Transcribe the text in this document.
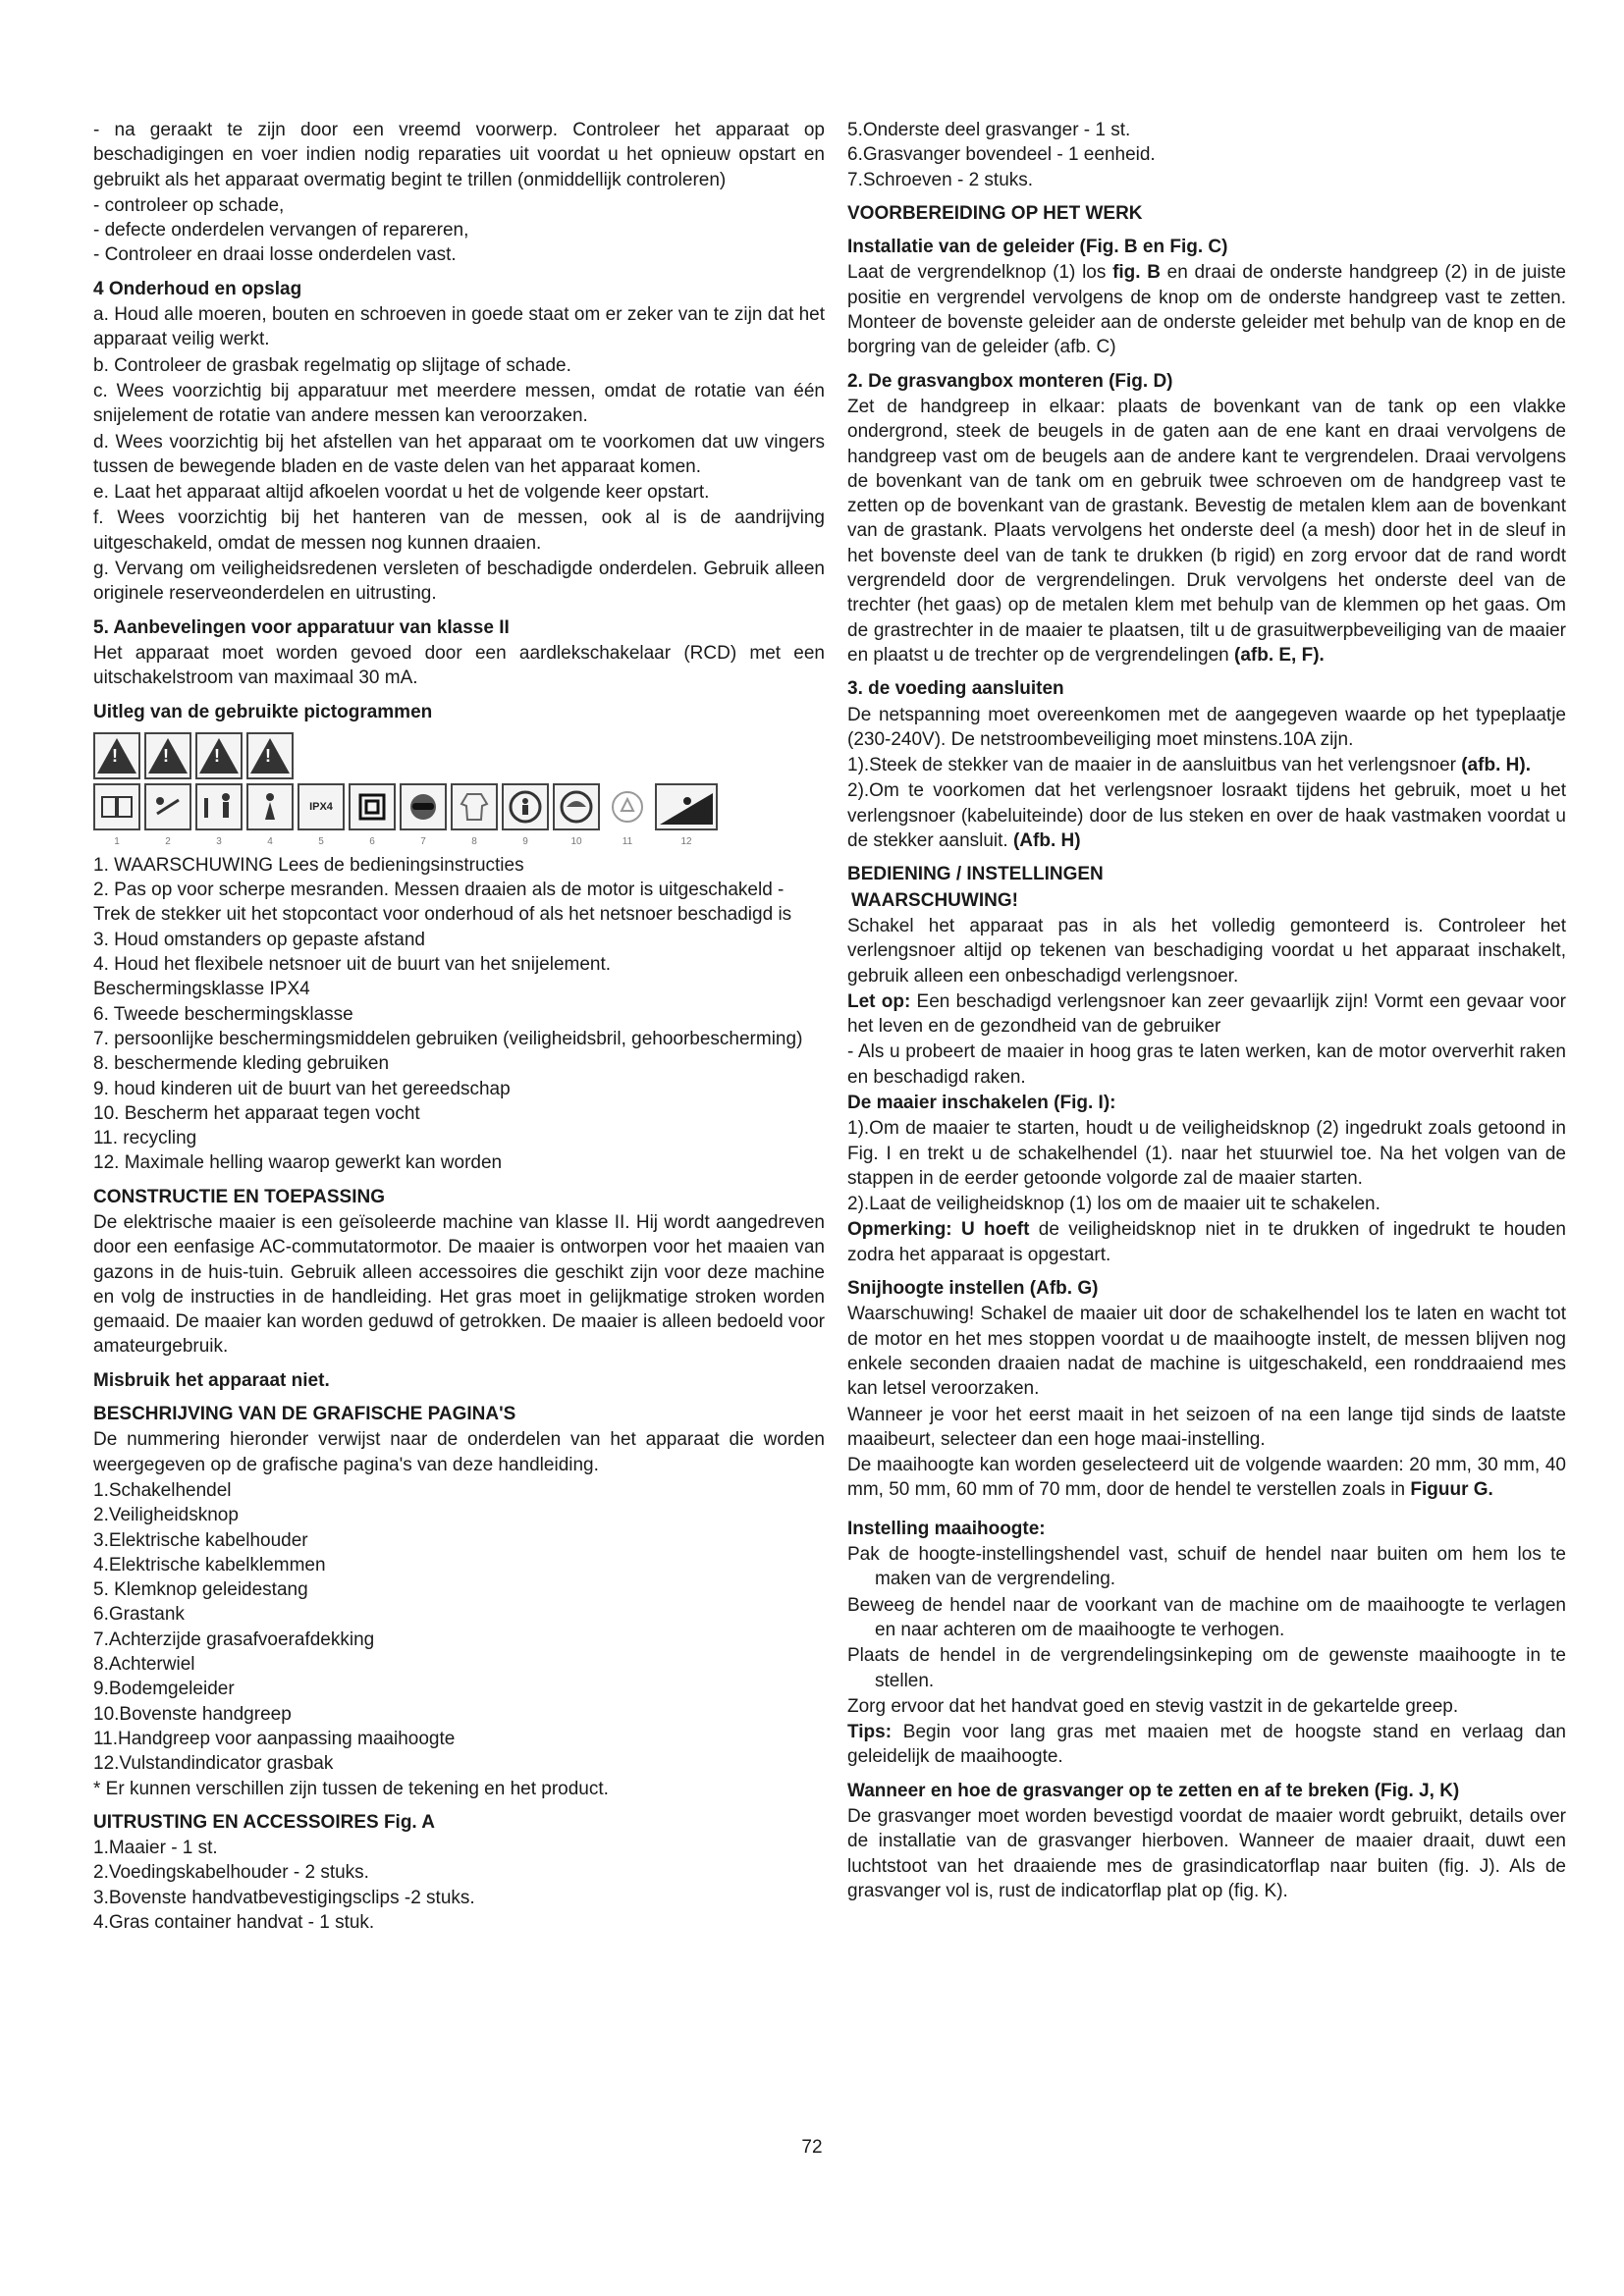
- na geraakt te zijn door een vreemd voorwerp. Controleer het apparaat op beschadigingen en voer indien nodig reparaties uit voordat u het opnieuw opstart en gebruikt als het apparaat overmatig begint te trillen (onmiddellijk controleren)

- controleer op schade,

- defecte onderdelen vervangen of repareren,

- Controleer en draai losse onderdelen vast.

4 Onderhoud en opslag

a. Houd alle moeren, bouten en schroeven in goede staat om er zeker van te zijn dat het apparaat veilig werkt.

b. Controleer de grasbak regelmatig op slijtage of schade.

c. Wees voorzichtig bij apparatuur met meerdere messen, omdat de rotatie van één snijelement de rotatie van andere messen kan veroorzaken.

d. Wees voorzichtig bij het afstellen van het apparaat om te voorkomen dat uw vingers tussen de bewegende bladen en de vaste delen van het apparaat komen.

e. Laat het apparaat altijd afkoelen voordat u het de volgende keer opstart.

f. Wees voorzichtig bij het hanteren van de messen, ook al is de aandrijving uitgeschakeld, omdat de messen nog kunnen draaien.

g. Vervang om veiligheidsredenen versleten of beschadigde onderdelen. Gebruik alleen originele reserveonderdelen en uitrusting.

5. Aanbevelingen voor apparatuur van klasse II

Het apparaat moet worden gevoed door een aardlekschakelaar (RCD) met een uitschakelstroom van maximaal 30 mA.

Uitleg van de gebruikte pictogrammen
!	!	!	!
IPX4
1	2	3	4	5	6	7	8	9	10	11	12

1. WAARSCHUWING Lees de bedieningsinstructies

2. Pas op voor scherpe mesranden. Messen draaien als de motor is uitgeschakeld - Trek de stekker uit het stopcontact voor onderhoud of als het netsnoer beschadigd is

3. Houd omstanders op gepaste afstand

4. Houd het flexibele netsnoer uit de buurt van het snijelement.

Beschermingsklasse IPX4

6. Tweede beschermingsklasse

7. persoonlijke beschermingsmiddelen gebruiken (veiligheidsbril, gehoorbescherming)

8. beschermende kleding gebruiken

9. houd kinderen uit de buurt van het gereedschap

10. Bescherm het apparaat tegen vocht

11. recycling

12. Maximale helling waarop gewerkt kan worden

CONSTRUCTIE EN TOEPASSING

De elektrische maaier is een geïsoleerde machine van klasse II. Hij wordt aangedreven door een eenfasige AC-commutatormotor. De maaier is ontworpen voor het maaien van gazons in de huis-tuin. Gebruik alleen accessoires die geschikt zijn voor deze machine en volg de instructies in de handleiding. Het gras moet in gelijkmatige stroken worden gemaaid. De maaier kan worden geduwd of getrokken. De maaier is alleen bedoeld voor amateurgebruik.

Misbruik het apparaat niet.
BESCHRIJVING VAN DE GRAFISCHE PAGINA'S

De nummering hieronder verwijst naar de onderdelen van het apparaat die worden weergegeven op de grafische pagina's van deze handleiding.

1.Schakelhendel

2.Veiligheidsknop

3.Elektrische kabelhouder

4.Elektrische kabelklemmen

5. Klemknop geleidestang

6.Grastank

7.Achterzijde grasafvoerafdekking

8.Achterwiel

9.Bodemgeleider

10.Bovenste handgreep

11.Handgreep voor aanpassing maaihoogte

12.Vulstandindicator grasbak

* Er kunnen verschillen zijn tussen de tekening en het product.

UITRUSTING EN ACCESSOIRES Fig. A

1.Maaier - 1 st.

2.Voedingskabelhouder - 2 stuks.

3.Bovenste handvatbevestigingsclips -2 stuks.

4.Gras container handvat - 1 stuk.

5.Onderste deel grasvanger - 1 st.

6.Grasvanger bovendeel - 1 eenheid.

7.Schroeven - 2 stuks.

VOORBEREIDING OP HET WERK
Installatie van de geleider (Fig. B en Fig. C)

Laat de vergrendelknop (1) los fig. B en draai de onderste handgreep (2) in de juiste positie en vergrendel vervolgens de knop om de onderste handgreep vast te zetten. Monteer de bovenste geleider aan de onderste geleider met behulp van de knop en de borgring van de geleider (afb. C)

2. De grasvangbox monteren (Fig. D)

Zet de handgreep in elkaar: plaats de bovenkant van de tank op een vlakke ondergrond, steek de beugels in de gaten aan de ene kant en draai vervolgens de handgreep vast om de beugels aan de andere kant te vergrendelen. Draai vervolgens de bovenkant van de tank om en gebruik twee schroeven om de handgreep vast te zetten op de bovenkant van de grastank. Bevestig de metalen klem aan de bovenkant van de grastank. Plaats vervolgens het onderste deel (a mesh) door het in de sleuf in het bovenste deel van de tank te drukken (b rigid) en zorg ervoor dat de rand wordt vergrendeld door de vergrendelingen. Druk vervolgens het onderste deel van de trechter (het gaas) op de metalen klem met behulp van de klemmen op het gaas. Om de grastrechter in de maaier te plaatsen, tilt u de grasuitwerpbeveiliging van de maaier en plaatst u de trechter op de vergrendelingen (afb. E, F).

3. de voeding aansluiten

De netspanning moet overeenkomen met de aangegeven waarde op het typeplaatje (230-240V). De netstroombeveiliging moet minstens.10A zijn.

1).Steek de stekker van de maaier in de aansluitbus van het verlengsnoer (afb. H).

2).Om te voorkomen dat het verlengsnoer losraakt tijdens het gebruik, moet u het verlengsnoer (kabeluiteinde) door de lus steken en over de haak vastmaken voordat u de stekker aansluit. (Afb. H)

BEDIENING / INSTELLINGEN
WAARSCHUWING!

Schakel het apparaat pas in als het volledig gemonteerd is. Controleer het verlengsnoer altijd op tekenen van beschadiging voordat u het apparaat inschakelt, gebruik alleen een onbeschadigd verlengsnoer.

Let op: Een beschadigd verlengsnoer kan zeer gevaarlijk zijn! Vormt een gevaar voor het leven en de gezondheid van de gebruiker

- Als u probeert de maaier in hoog gras te laten werken, kan de motor oververhit raken en beschadigd raken.

De maaier inschakelen (Fig. I):

1).Om de maaier te starten, houdt u de veiligheidsknop (2) ingedrukt zoals getoond in Fig. I en trekt u de schakelhendel (1). naar het stuurwiel toe. Na het volgen van de stappen in de eerder getoonde volgorde zal de maaier starten.

2).Laat de veiligheidsknop (1) los om de maaier uit te schakelen.

Opmerking: U hoeft de veiligheidsknop niet in te drukken of ingedrukt te houden zodra het apparaat is opgestart.

Snijhoogte instellen (Afb. G)

Waarschuwing! Schakel de maaier uit door de schakelhendel los te laten en wacht tot de motor en het mes stoppen voordat u de maaihoogte instelt, de messen blijven nog enkele seconden draaien nadat de machine is uitgeschakeld, een ronddraaiend mes kan letsel veroorzaken.

Wanneer je voor het eerst maait in het seizoen of na een lange tijd sinds de laatste maaibeurt, selecteer dan een hoge maai-instelling.

De maaihoogte kan worden geselecteerd uit de volgende waarden: 20 mm, 30 mm, 40 mm, 50 mm, 60 mm of 70 mm, door de hendel te verstellen zoals in Figuur G.

Instelling maaihoogte:

Pak de hoogte-instellingshendel vast, schuif de hendel naar buiten om hem los te maken van de vergrendeling.

Beweeg de hendel naar de voorkant van de machine om de maaihoogte te verlagen en naar achteren om de maaihoogte te verhogen.

Plaats de hendel in de vergrendelingsinkeping om de gewenste maaihoogte in te stellen.

Zorg ervoor dat het handvat goed en stevig vastzit in de gekartelde greep.

Tips: Begin voor lang gras met maaien met de hoogste stand en verlaag dan geleidelijk de maaihoogte.

Wanneer en hoe de grasvanger op te zetten en af te breken (Fig. J, K)

De grasvanger moet worden bevestigd voordat de maaier wordt gebruikt, details over de installatie van de grasvanger hierboven. Wanneer de maaier draait, duwt een luchtstoot van het draaiende mes de grasindicatorflap naar buiten (fig. J). Als de grasvanger vol is, rust de indicatorflap plat op (fig. K).

72
